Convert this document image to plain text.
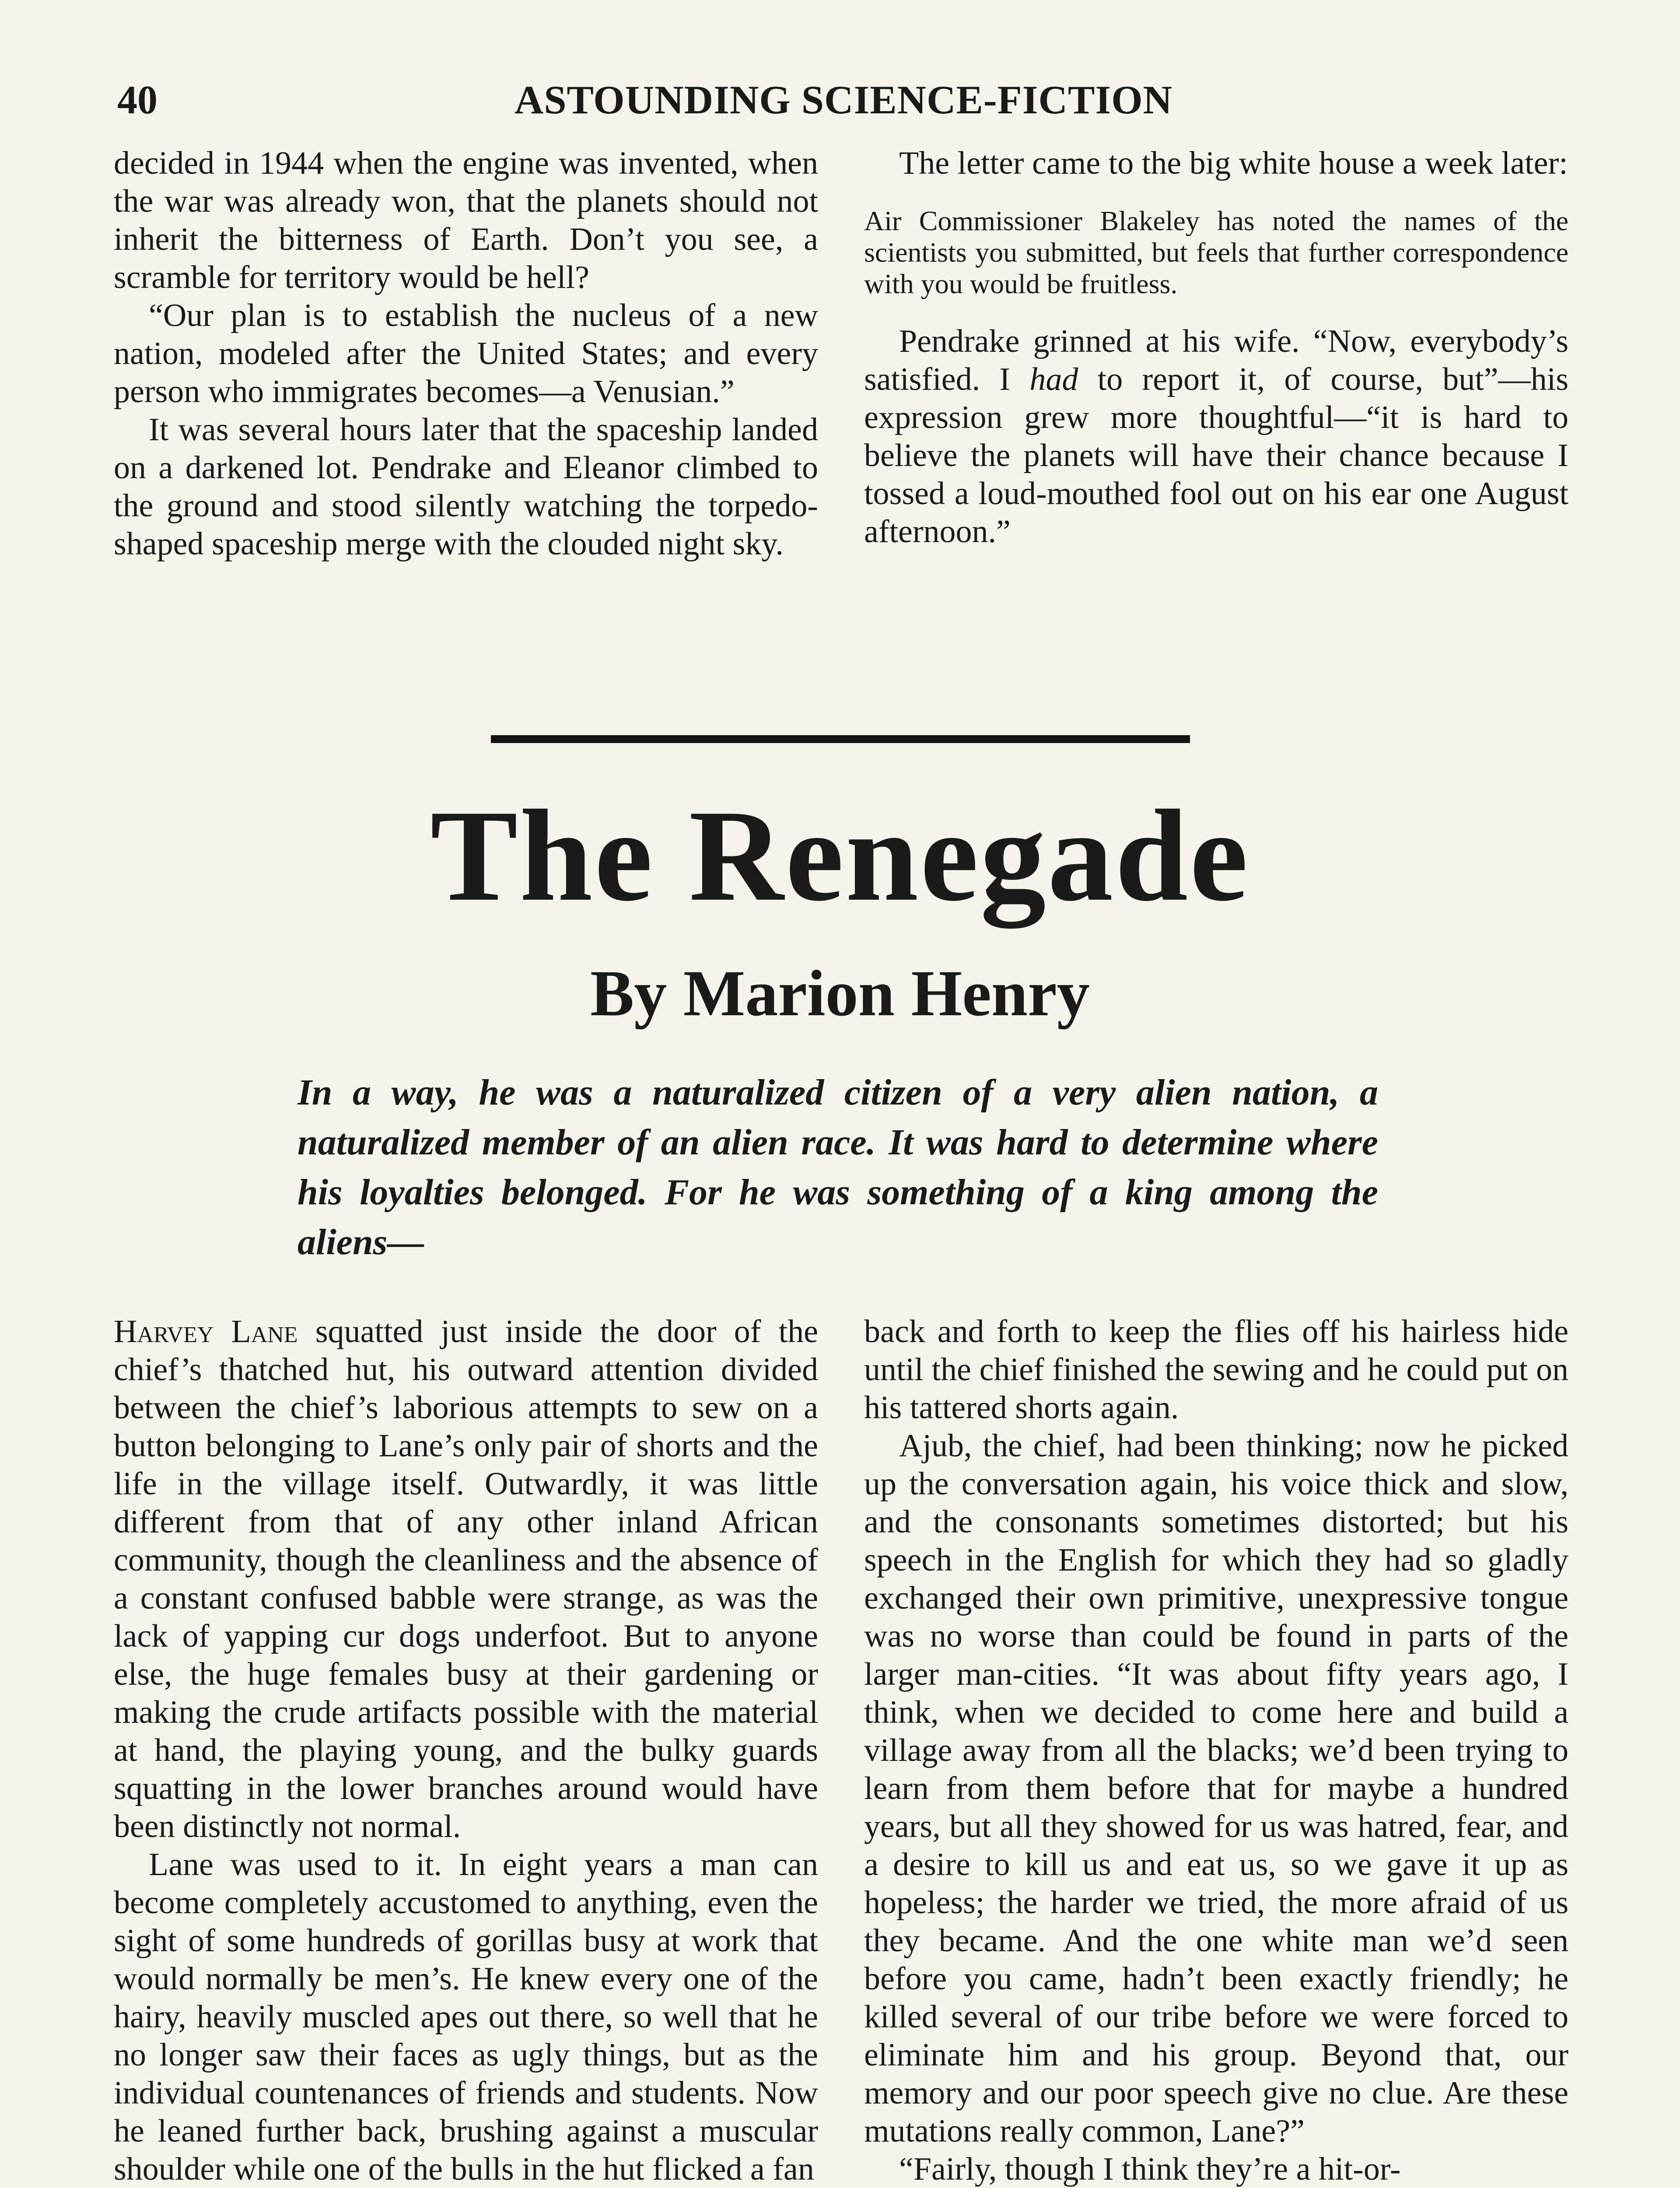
40	ASTOUNDING SCIENCE-FICTION

decided in 1944 when the engine was invented, when the war was already won, that the planets should not inherit the bitterness of Earth. Don’t you see, a scramble for territory would be hell?

“Our plan is to establish the nucleus of a new nation, modeled after the United States; and every person who immigrates becomes—a Venusian.”

It was several hours later that the spaceship landed on a darkened lot. Pendrake and Eleanor climbed to the ground and stood silently watching the torpedo-shaped spaceship merge with the clouded night sky.

The letter came to the big white house a week later:

Air Commissioner Blakeley has noted the names of the scientists you submitted, but feels that further correspondence with you would be fruitless.

Pendrake grinned at his wife. “Now, everybody’s satisfied. I had to report it, of course, but”—his expression grew more thoughtful—“it is hard to believe the planets will have their chance because I tossed a loud-mouthed fool out on his ear one August afternoon.”

The Renegade
By Marion Henry
In a way, he was a naturalized citizen of a very alien nation, a naturalized member of an alien race. It was hard to determine where his loyalties belonged. For he was something of a king among the aliens—

Harvey Lane squatted just inside the door of the chief’s thatched hut, his outward attention divided between the chief’s laborious attempts to sew on a button belonging to Lane’s only pair of shorts and the life in the village itself. Outwardly, it was little different from that of any other inland African community, though the cleanliness and the absence of a constant confused babble were strange, as was the lack of yapping cur dogs underfoot. But to anyone else, the huge females busy at their gardening or making the crude artifacts possible with the material at hand, the playing young, and the bulky guards squatting in the lower branches around would have been distinctly not normal.

Lane was used to it. In eight years a man can become completely accustomed to anything, even the sight of some hundreds of gorillas busy at work that would normally be men’s. He knew every one of the hairy, heavily muscled apes out there, so well that he no longer saw their faces as ugly things, but as the individual countenances of friends and students. Now he leaned further back, brushing against a muscular shoulder while one of the bulls in the hut flicked a fan

back and forth to keep the flies off his hairless hide until the chief finished the sewing and he could put on his tattered shorts again.

Ajub, the chief, had been thinking; now he picked up the conversation again, his voice thick and slow, and the consonants sometimes distorted; but his speech in the English for which they had so gladly exchanged their own primitive, unexpressive tongue was no worse than could be found in parts of the larger man-cities. “It was about fifty years ago, I think, when we decided to come here and build a village away from all the blacks; we’d been trying to learn from them before that for maybe a hundred years, but all they showed for us was hatred, fear, and a desire to kill us and eat us, so we gave it up as hopeless; the harder we tried, the more afraid of us they became. And the one white man we’d seen before you came, hadn’t been exactly friendly; he killed several of our tribe before we were forced to eliminate him and his group. Beyond that, our memory and our poor speech give no clue. Are these mutations really common, Lane?”

“Fairly, though I think they’re a hit-or-
